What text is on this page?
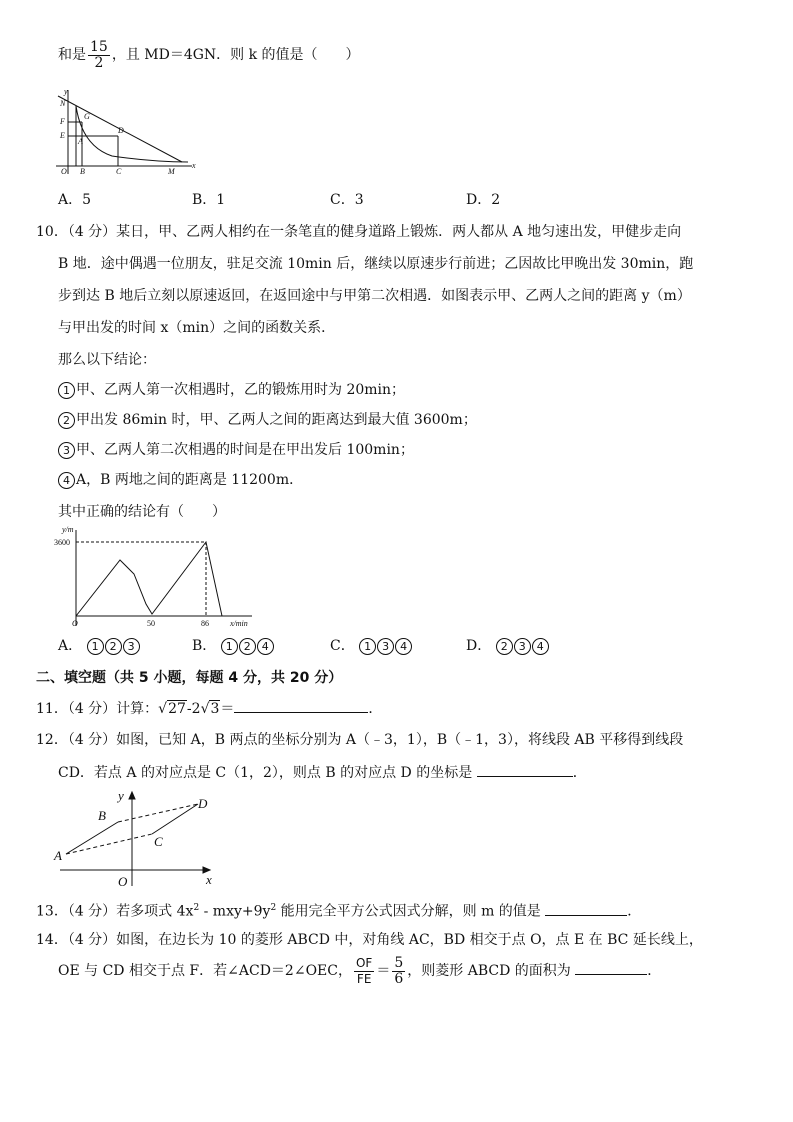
和是 $\frac{15}{2}$ ，且 MD＝4GN．则 k 的值是（　　）
y
N
G
F
E
A
D
O B	C	M
x
A．5	B．1	C．3	D．2
10．（4 分）某日，甲、乙两人相约在一条笔直的健身道路上锻炼．两人都从 A 地匀速出发，甲健步走向
B 地．途中偶遇一位朋友，驻足交流 10min 后，继续以原速步行前进；乙因故比甲晚出发 30min，跑
步到达 B 地后立刻以原速返回，在返回途中与甲第二次相遇．如图表示甲、乙两人之间的距离 y（m）
与甲出发的时间 x（min）之间的函数关系．
那么以下结论：
1 甲、乙两人第一次相遇时，乙的锻炼用时为 20min；
2 甲出发 86min 时，甲、乙两人之间的距离达到最大值 3600m；
3 甲、乙两人第二次相遇的时间是在甲出发后 100min；
4 A，B 两地之间的距离是 11200m．
其中正确的结论有（　　）
y/m
3600
O	50	86	x/min
A． 1 2 3	B． 1 2 4	C． 1 3 4	D． 2 3 4
二、填空题（共 5 小题，每题 4 分，共 20 分）
11．（4 分）计算：√27-2√3＝	．
12．（4 分）如图，已知 A，B 两点的坐标分别为 A（﹣3，1），B（﹣1，3），将线段 AB 平移得到线段
CD．若点 A 的对应点是 C（1，2），则点 B 的对应点 D 的坐标是	．
y
x
O
A
B
C
D
13．（4 分）若多项式 $4x^2 - mxy+9y^2$ 能用完全平方公式因式分解，则 m 的值是	．
14．（4 分）如图，在边长为 10 的菱形 ABCD 中，对角线 AC，BD 相交于点 O，点 E 在 BC 延长线上，
OE 与 CD 相交于点 F．若∠ACD＝2∠OEC， $\frac{OF}{FE} = \frac{5}{6}$ ，则菱形 ABCD 的面积为	．
